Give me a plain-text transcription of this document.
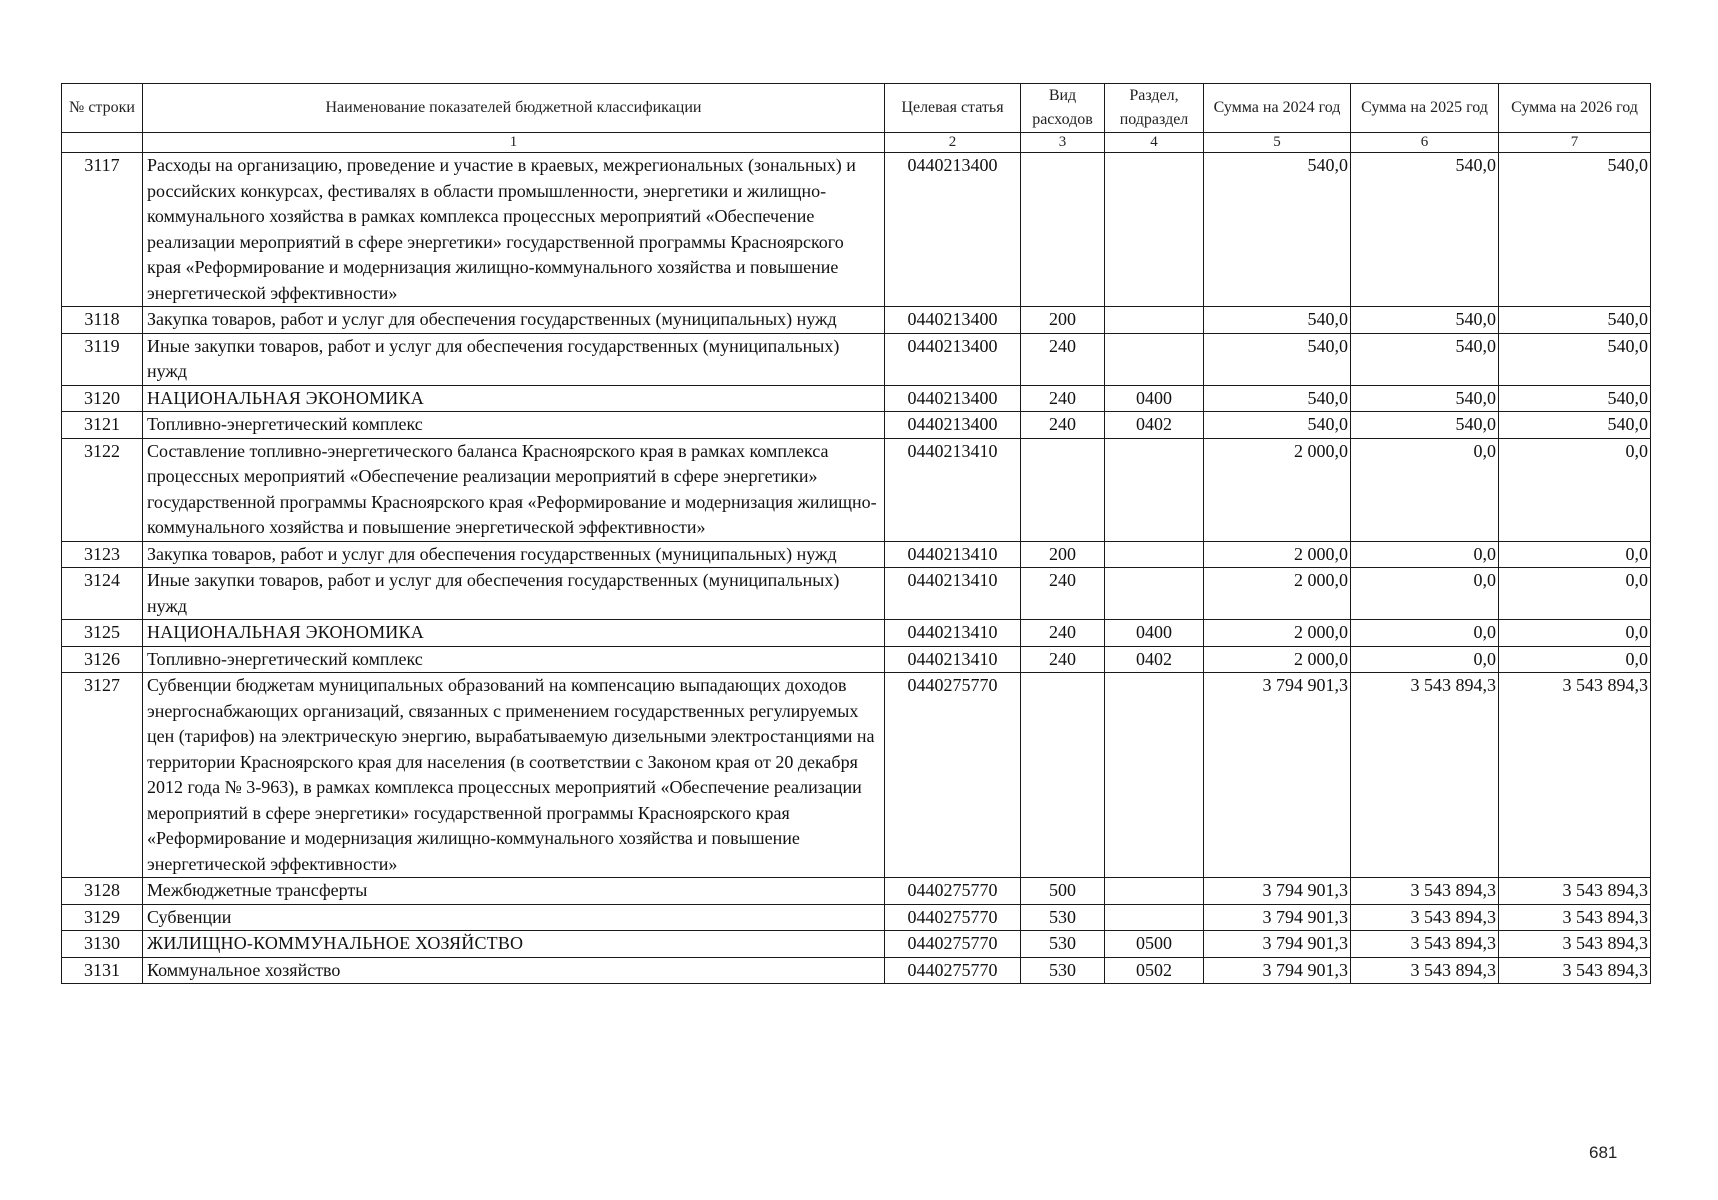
№ строки	Наименование показателей бюджетной классификации	Целевая статья	Вид расходов	Раздел, подраздел	Сумма на 2024 год	Сумма на 2025 год	Сумма на 2026 год
	1	2	3	4	5	6	7
3117	Расходы на организацию, проведение и участие в краевых, межрегиональных (зональных) и российских конкурсах, фестивалях в области промышленности, энергетики и жилищно-коммунального хозяйства в рамках комплекса процессных мероприятий «Обеспечение реализации мероприятий в сфере энергетики» государственной программы Красноярского края «Реформирование и модернизация жилищно-коммунального хозяйства и повышение энергетической эффективности»	0440213400			540,0	540,0	540,0
3118	Закупка товаров, работ и услуг для обеспечения государственных (муниципальных) нужд	0440213400	200		540,0	540,0	540,0
3119	Иные закупки товаров, работ и услуг для обеспечения государственных (муниципальных) нужд	0440213400	240		540,0	540,0	540,0
3120	НАЦИОНАЛЬНАЯ ЭКОНОМИКА	0440213400	240	0400	540,0	540,0	540,0
3121	Топливно-энергетический комплекс	0440213400	240	0402	540,0	540,0	540,0
3122	Составление топливно-энергетического баланса Красноярского края в рамках комплекса процессных мероприятий «Обеспечение реализации мероприятий в сфере энергетики» государственной программы Красноярского края «Реформирование и модернизация жилищно-коммунального хозяйства и повышение энергетической эффективности»	0440213410			2 000,0	0,0	0,0
3123	Закупка товаров, работ и услуг для обеспечения государственных (муниципальных) нужд	0440213410	200		2 000,0	0,0	0,0
3124	Иные закупки товаров, работ и услуг для обеспечения государственных (муниципальных) нужд	0440213410	240		2 000,0	0,0	0,0
3125	НАЦИОНАЛЬНАЯ ЭКОНОМИКА	0440213410	240	0400	2 000,0	0,0	0,0
3126	Топливно-энергетический комплекс	0440213410	240	0402	2 000,0	0,0	0,0
3127	Субвенции бюджетам муниципальных образований на компенсацию выпадающих доходов энергоснабжающих организаций, связанных с применением государственных регулируемых цен (тарифов) на электрическую энергию, вырабатываемую дизельными электростанциями на территории Красноярского края для населения (в соответствии с Законом края от 20 декабря 2012 года № 3-963), в рамках комплекса процессных мероприятий «Обеспечение реализации мероприятий в сфере энергетики» государственной программы Красноярского края «Реформирование и модернизация жилищно-коммунального хозяйства и повышение энергетической эффективности»	0440275770			3 794 901,3	3 543 894,3	3 543 894,3
3128	Межбюджетные трансферты	0440275770	500		3 794 901,3	3 543 894,3	3 543 894,3
3129	Субвенции	0440275770	530		3 794 901,3	3 543 894,3	3 543 894,3
3130	ЖИЛИЩНО-КОММУНАЛЬНОЕ ХОЗЯЙСТВО	0440275770	530	0500	3 794 901,3	3 543 894,3	3 543 894,3
3131	Коммунальное хозяйство	0440275770	530	0502	3 794 901,3	3 543 894,3	3 543 894,3
681
